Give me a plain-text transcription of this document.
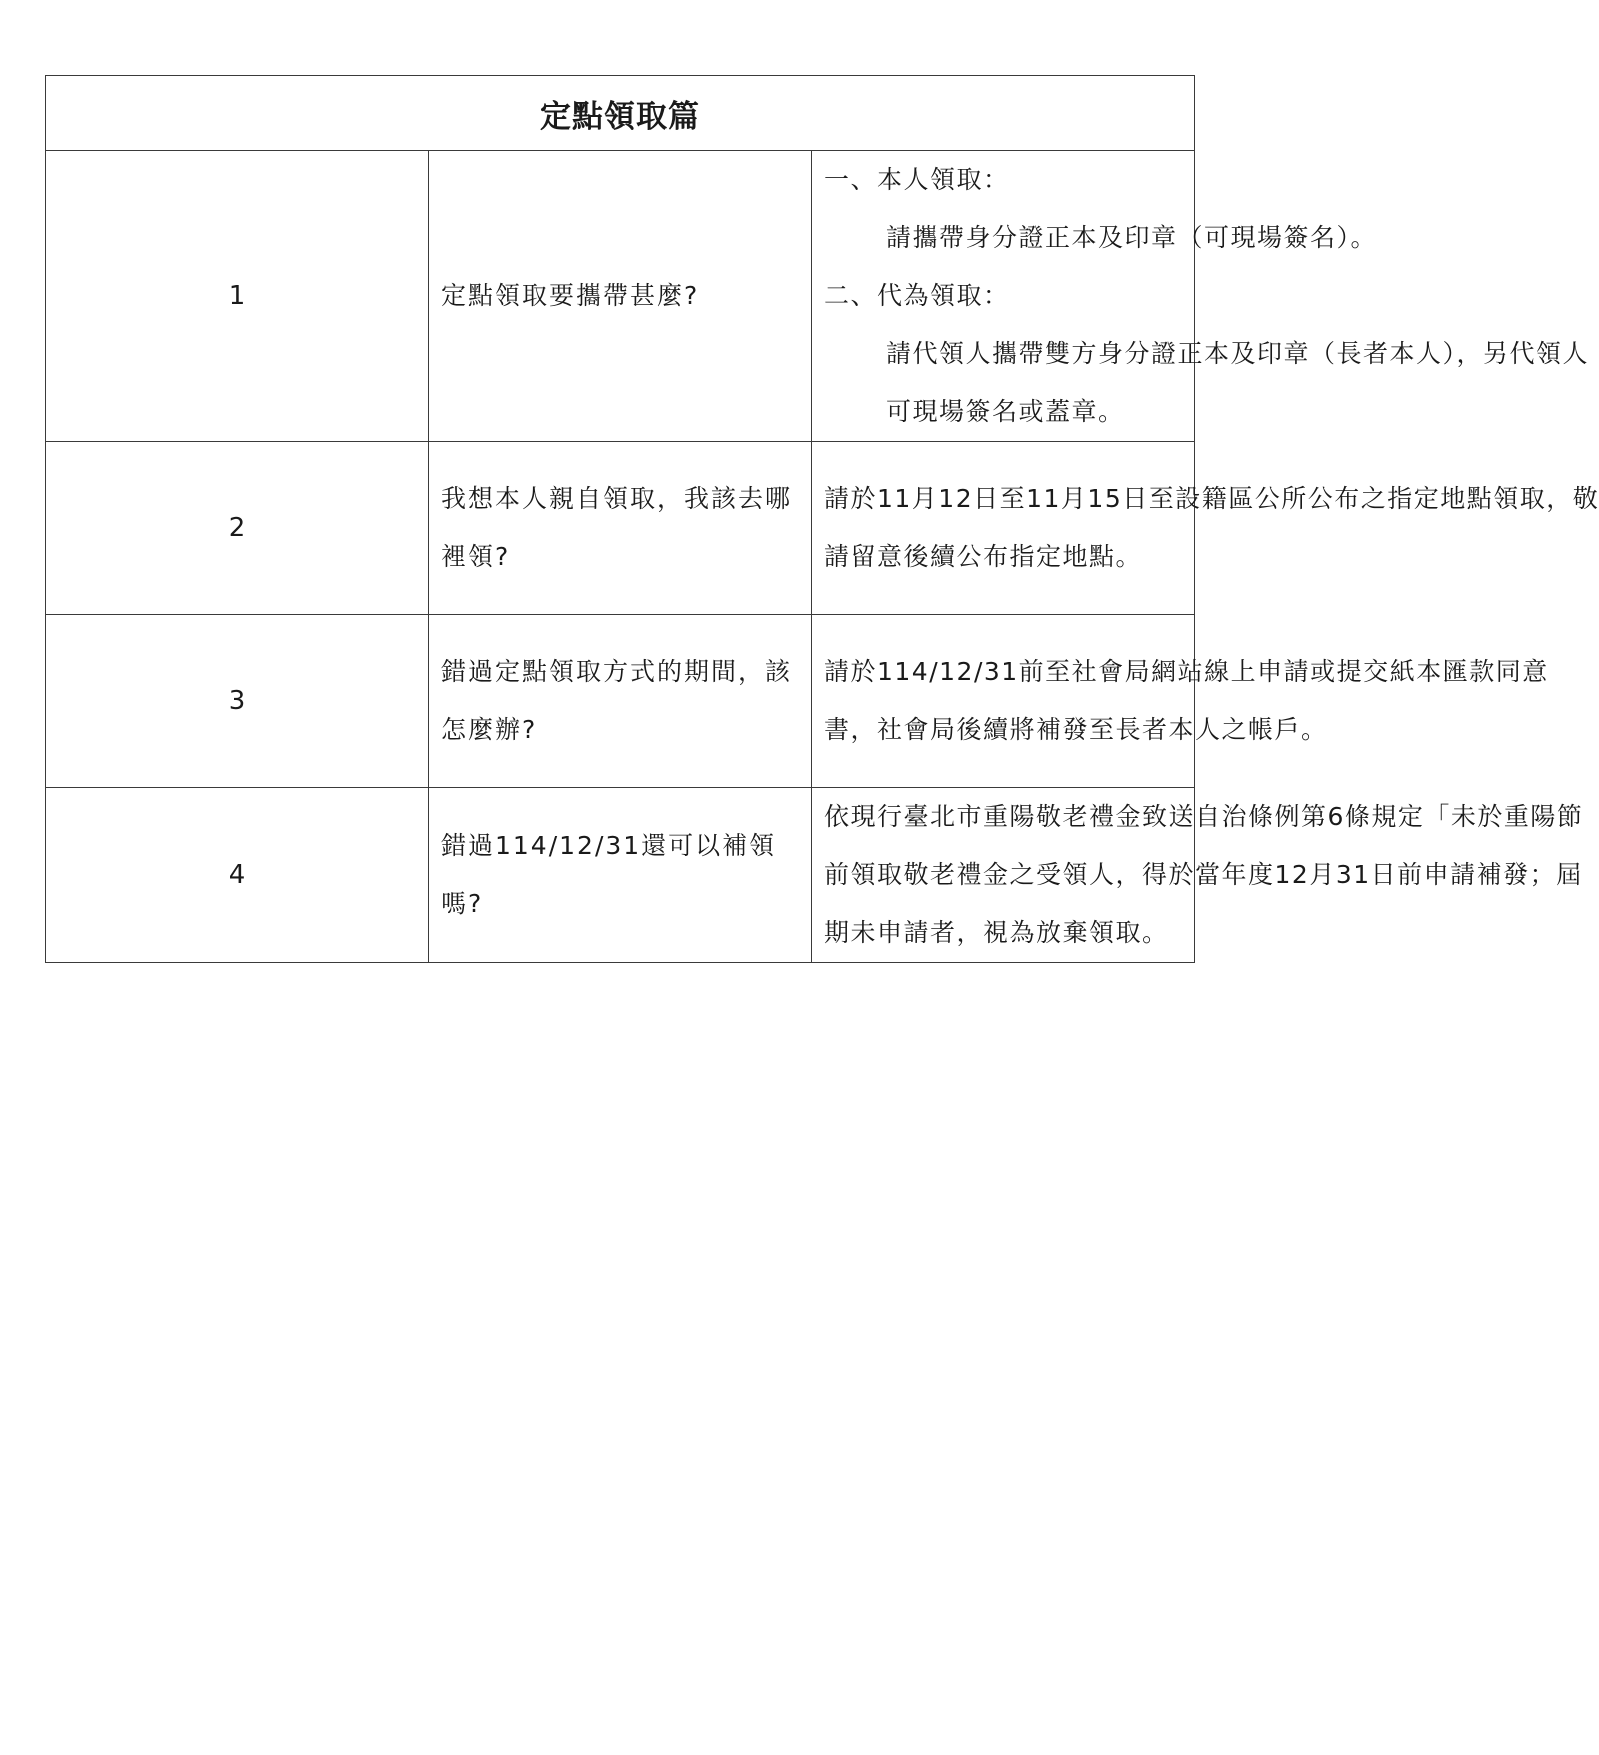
定點領取篇		
1	定點領取要攜帶甚麼?	一、本人領取：
請攜帶身分證正本及印章（可現場簽名）。
二、代為領取：
請代領人攜帶雙方身分證正本及印章（長者本人），另代領人
可現場簽名或蓋章。

2	我想本人親自領取，我該去哪裡領?	請於11月12日至11月15日至設籍區公所公布之指定地點領取，敬
請留意後續公布指定地點。

3	錯過定點領取方式的期間，該怎麼辦?	請於114/12/31前至社會局網站線上申請或提交紙本匯款同意
書，社會局後續將補發至長者本人之帳戶。

4	錯過114/12/31還可以補領嗎?	依現行臺北市重陽敬老禮金致送自治條例第6條規定「未於重陽節
前領取敬老禮金之受領人，得於當年度12月31日前申請補發；屆
期未申請者，視為放棄領取。
